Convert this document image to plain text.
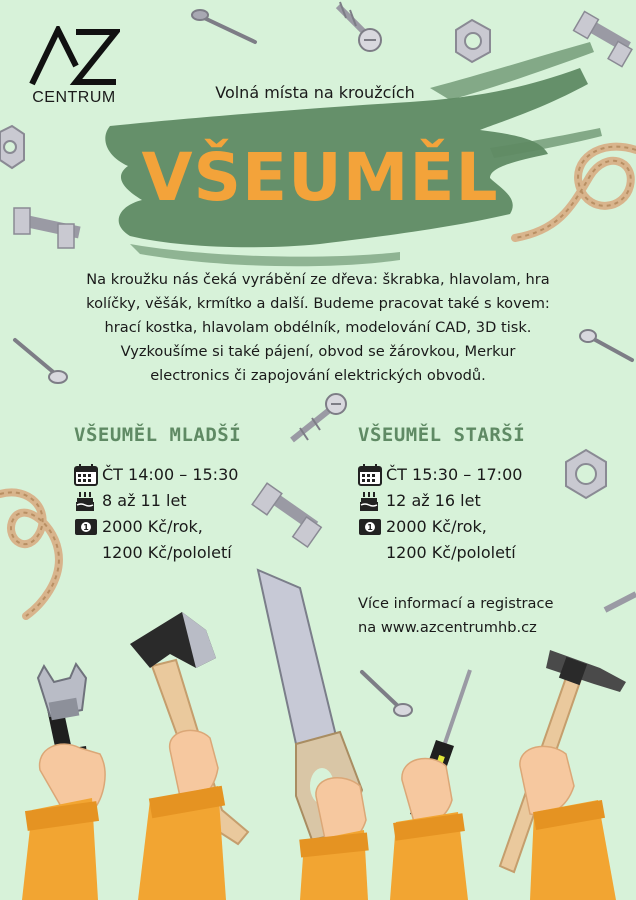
CENTRUM	Volná místa na kroužcích
VŠEUMĚL
Na kroužku nás čeká vyrábění ze dřeva: škrabka, hlavolam, hra
kolíčky, věšák, krmítko a další. Budeme pracovat také s kovem:
hrací kostka, hlavolam obdélník, modelování CAD, 3D tisk.
Vyzkoušíme si také pájení, obvod se žárovkou, Merkur
electronics či zapojování elektrických obvodů.
VŠEUMĚL MLADŠÍ
ČT 14:00 – 15:30
8 až 11 let
1 2000 Kč/rok,
1200 Kč/pololetí
VŠEUMĚL STARŠÍ
ČT 15:30 – 17:00
12 až 16 let
1 2000 Kč/rok,
1200 Kč/pololetí
Více informací a registrace
na www.azcentrumhb.cz
